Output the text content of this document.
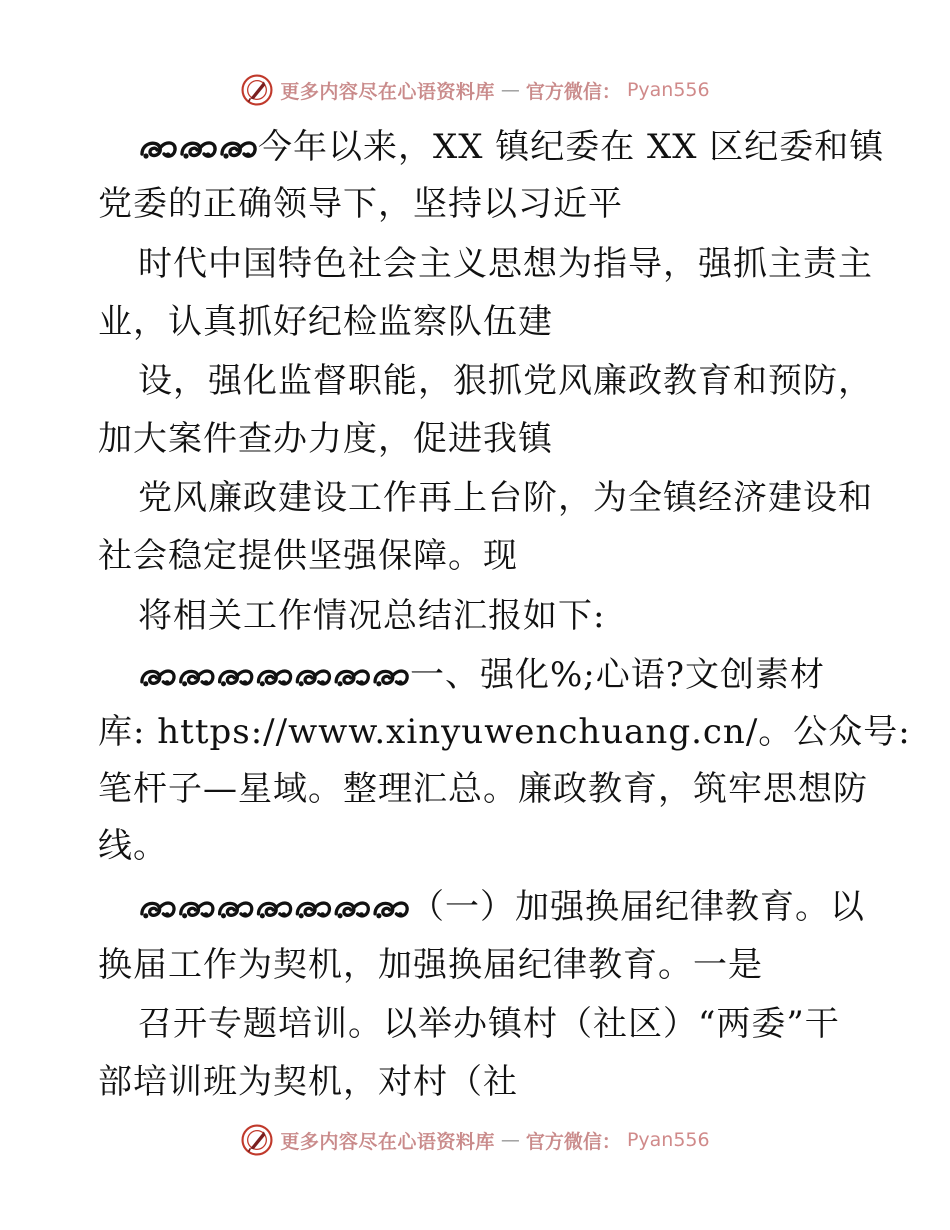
更多内容尽在心语资料库 — 官方微信： Pyan556
今年以来，XX 镇纪委在 XX 区纪委和镇
党委的正确领导下，坚持以习近平
时代中国特色社会主义思想为指导，强抓主责主
业，认真抓好纪检监察队伍建
设，强化监督职能，狠抓党风廉政教育和预防，
加大案件查办力度，促进我镇
党风廉政建设工作再上台阶，为全镇经济建设和
社会稳定提供坚强保障。现
将相关工作情况总结汇报如下:
一、强化%;心语?文创素材
库: https://www.xinyuwenchuang.cn/。公众号:
笔杆子—星域。整理汇总。廉政教育，筑牢思想防
线。
（一）加强换届纪律教育。以
换届工作为契机，加强换届纪律教育。一是
召开专题培训。以举办镇村（社区）“两委”干
部培训班为契机，对村（社
更多内容尽在心语资料库 — 官方微信： Pyan556
